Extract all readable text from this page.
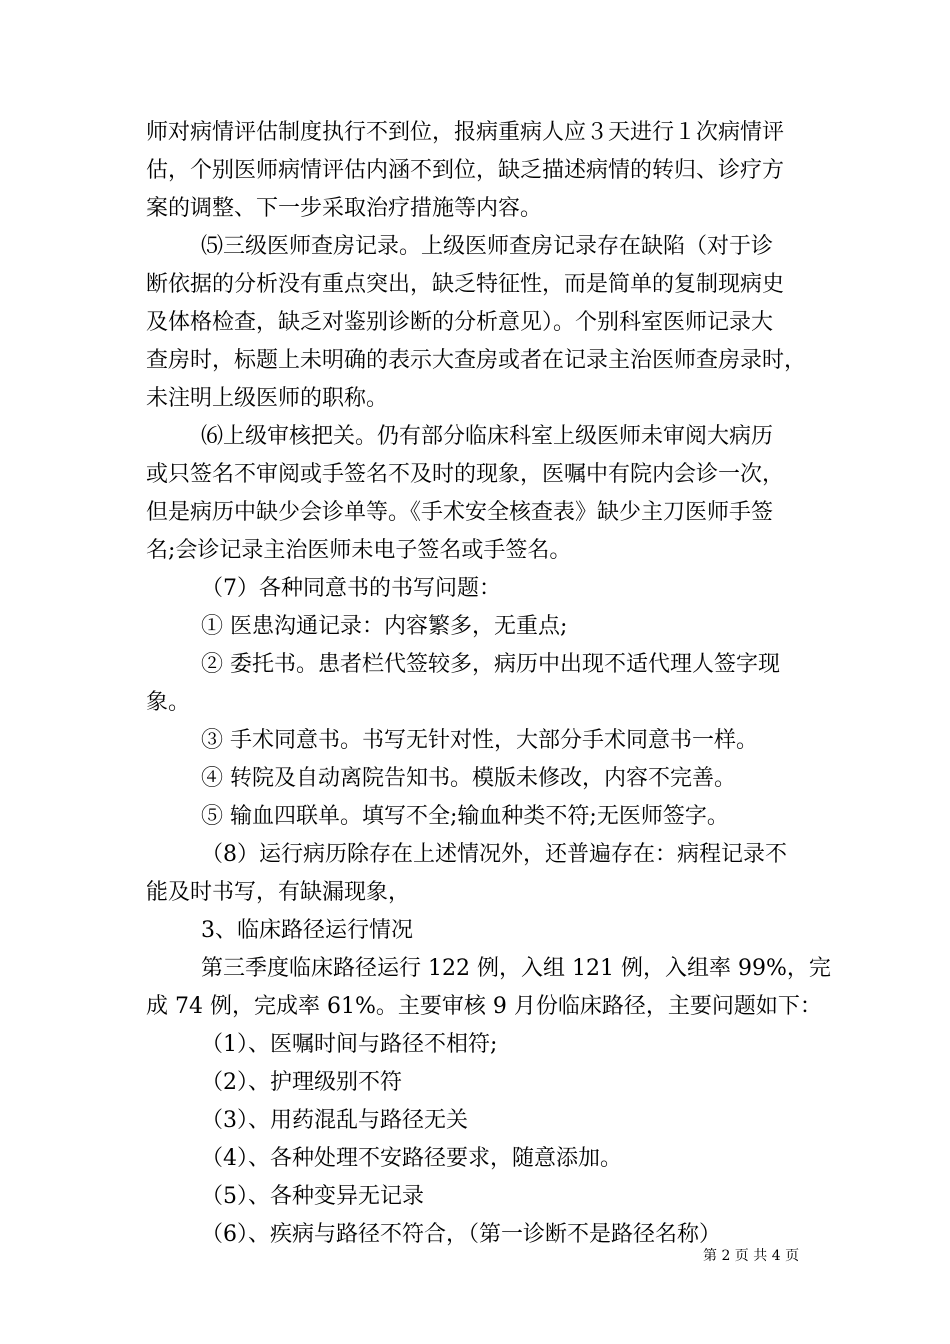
师对病情评估制度执行不到位，报病重病人应３天进行１次病情评
估，个别医师病情评估内涵不到位，缺乏描述病情的转归、诊疗方
案的调整、下一步采取治疗措施等内容。
⑸三级医师查房记录。上级医师查房记录存在缺陷（对于诊
断依据的分析没有重点突出，缺乏特征性，而是简单的复制现病史
及体格检查，缺乏对鉴别诊断的分析意见）。个别科室医师记录大
查房时，标题上未明确的表示大查房或者在记录主治医师查房录时，
未注明上级医师的职称。
⑹上级审核把关。仍有部分临床科室上级医师未审阅大病历
或只签名不审阅或手签名不及时的现象，医嘱中有院内会诊一次，
但是病历中缺少会诊单等。《手术安全核查表》缺少主刀医师手签
名;会诊记录主治医师未电子签名或手签名。
（7）各种同意书的书写问题：
① 医患沟通记录：内容繁多，无重点;
② 委托书。患者栏代签较多，病历中出现不适代理人签字现
象。
③ 手术同意书。书写无针对性，大部分手术同意书一样。
④ 转院及自动离院告知书。模版未修改，内容不完善。
⑤ 输血四联单。填写不全;输血种类不符;无医师签字。
（8）运行病历除存在上述情况外，还普遍存在：病程记录不
能及时书写，有缺漏现象，
3、临床路径运行情况
第三季度临床路径运行 122 例，入组 121 例，入组率 99%，完
成 74 例，完成率 61%。主要审核 9 月份临床路径，主要问题如下：
（1）、医嘱时间与路径不相符;
（2）、护理级别不符
（3）、用药混乱与路径无关
（4）、各种处理不安路径要求，随意添加。
（5）、各种变异无记录
（6）、疾病与路径不符合，（第一诊断不是路径名称）
第 2 页 共 4 页
